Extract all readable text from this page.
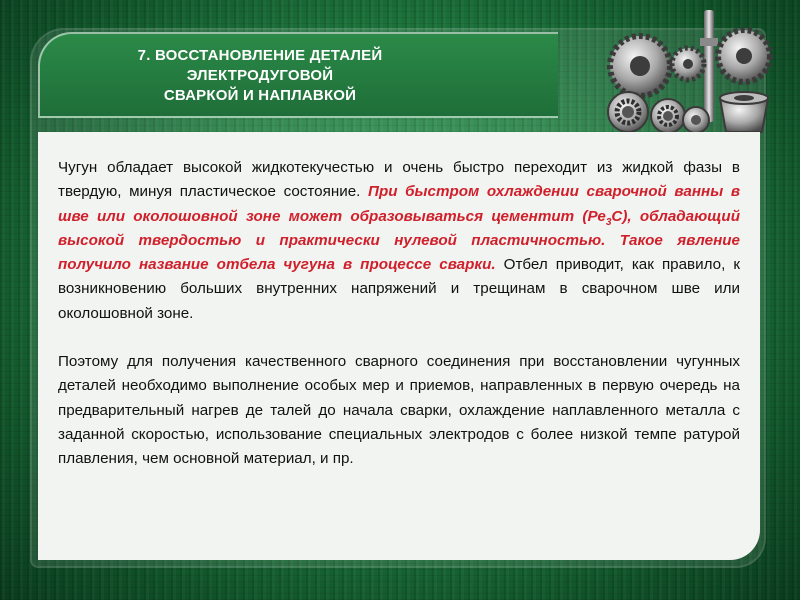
7. ВОССТАНОВЛЕНИЕ ДЕТАЛЕЙ
ЭЛЕКТРОДУГОВОЙ
СВАРКОЙ И НАПЛАВКОЙ

Чугун обладает высокой жидкотекучестью и очень быстро переходит из жидкой фазы в твердую, минуя пластическое состояние. При быстром охлаждении сварочной ванны в шве или околошовной зоне может образовываться цементит $(Ре_3С)$, обладающий высокой твердостью и практически нулевой пластичностью. Такое явление получило название отбела чугуна в процессе сварки. Отбел приводит, как правило, к возникновению больших внутренних напряжений и трещинам в сварочном шве или околошовной зоне.

Поэтому для получения качественного сварного соединения при восстановлении чугунных деталей необходимо выполнение особых мер и приемов, направленных в первую очередь на предварительный нагрев де талей до начала сварки, охлаждение наплавленного металла с заданной скоростью, использование специальных электродов с более низкой темпе ратурой плавления, чем основной материал, и пр.
